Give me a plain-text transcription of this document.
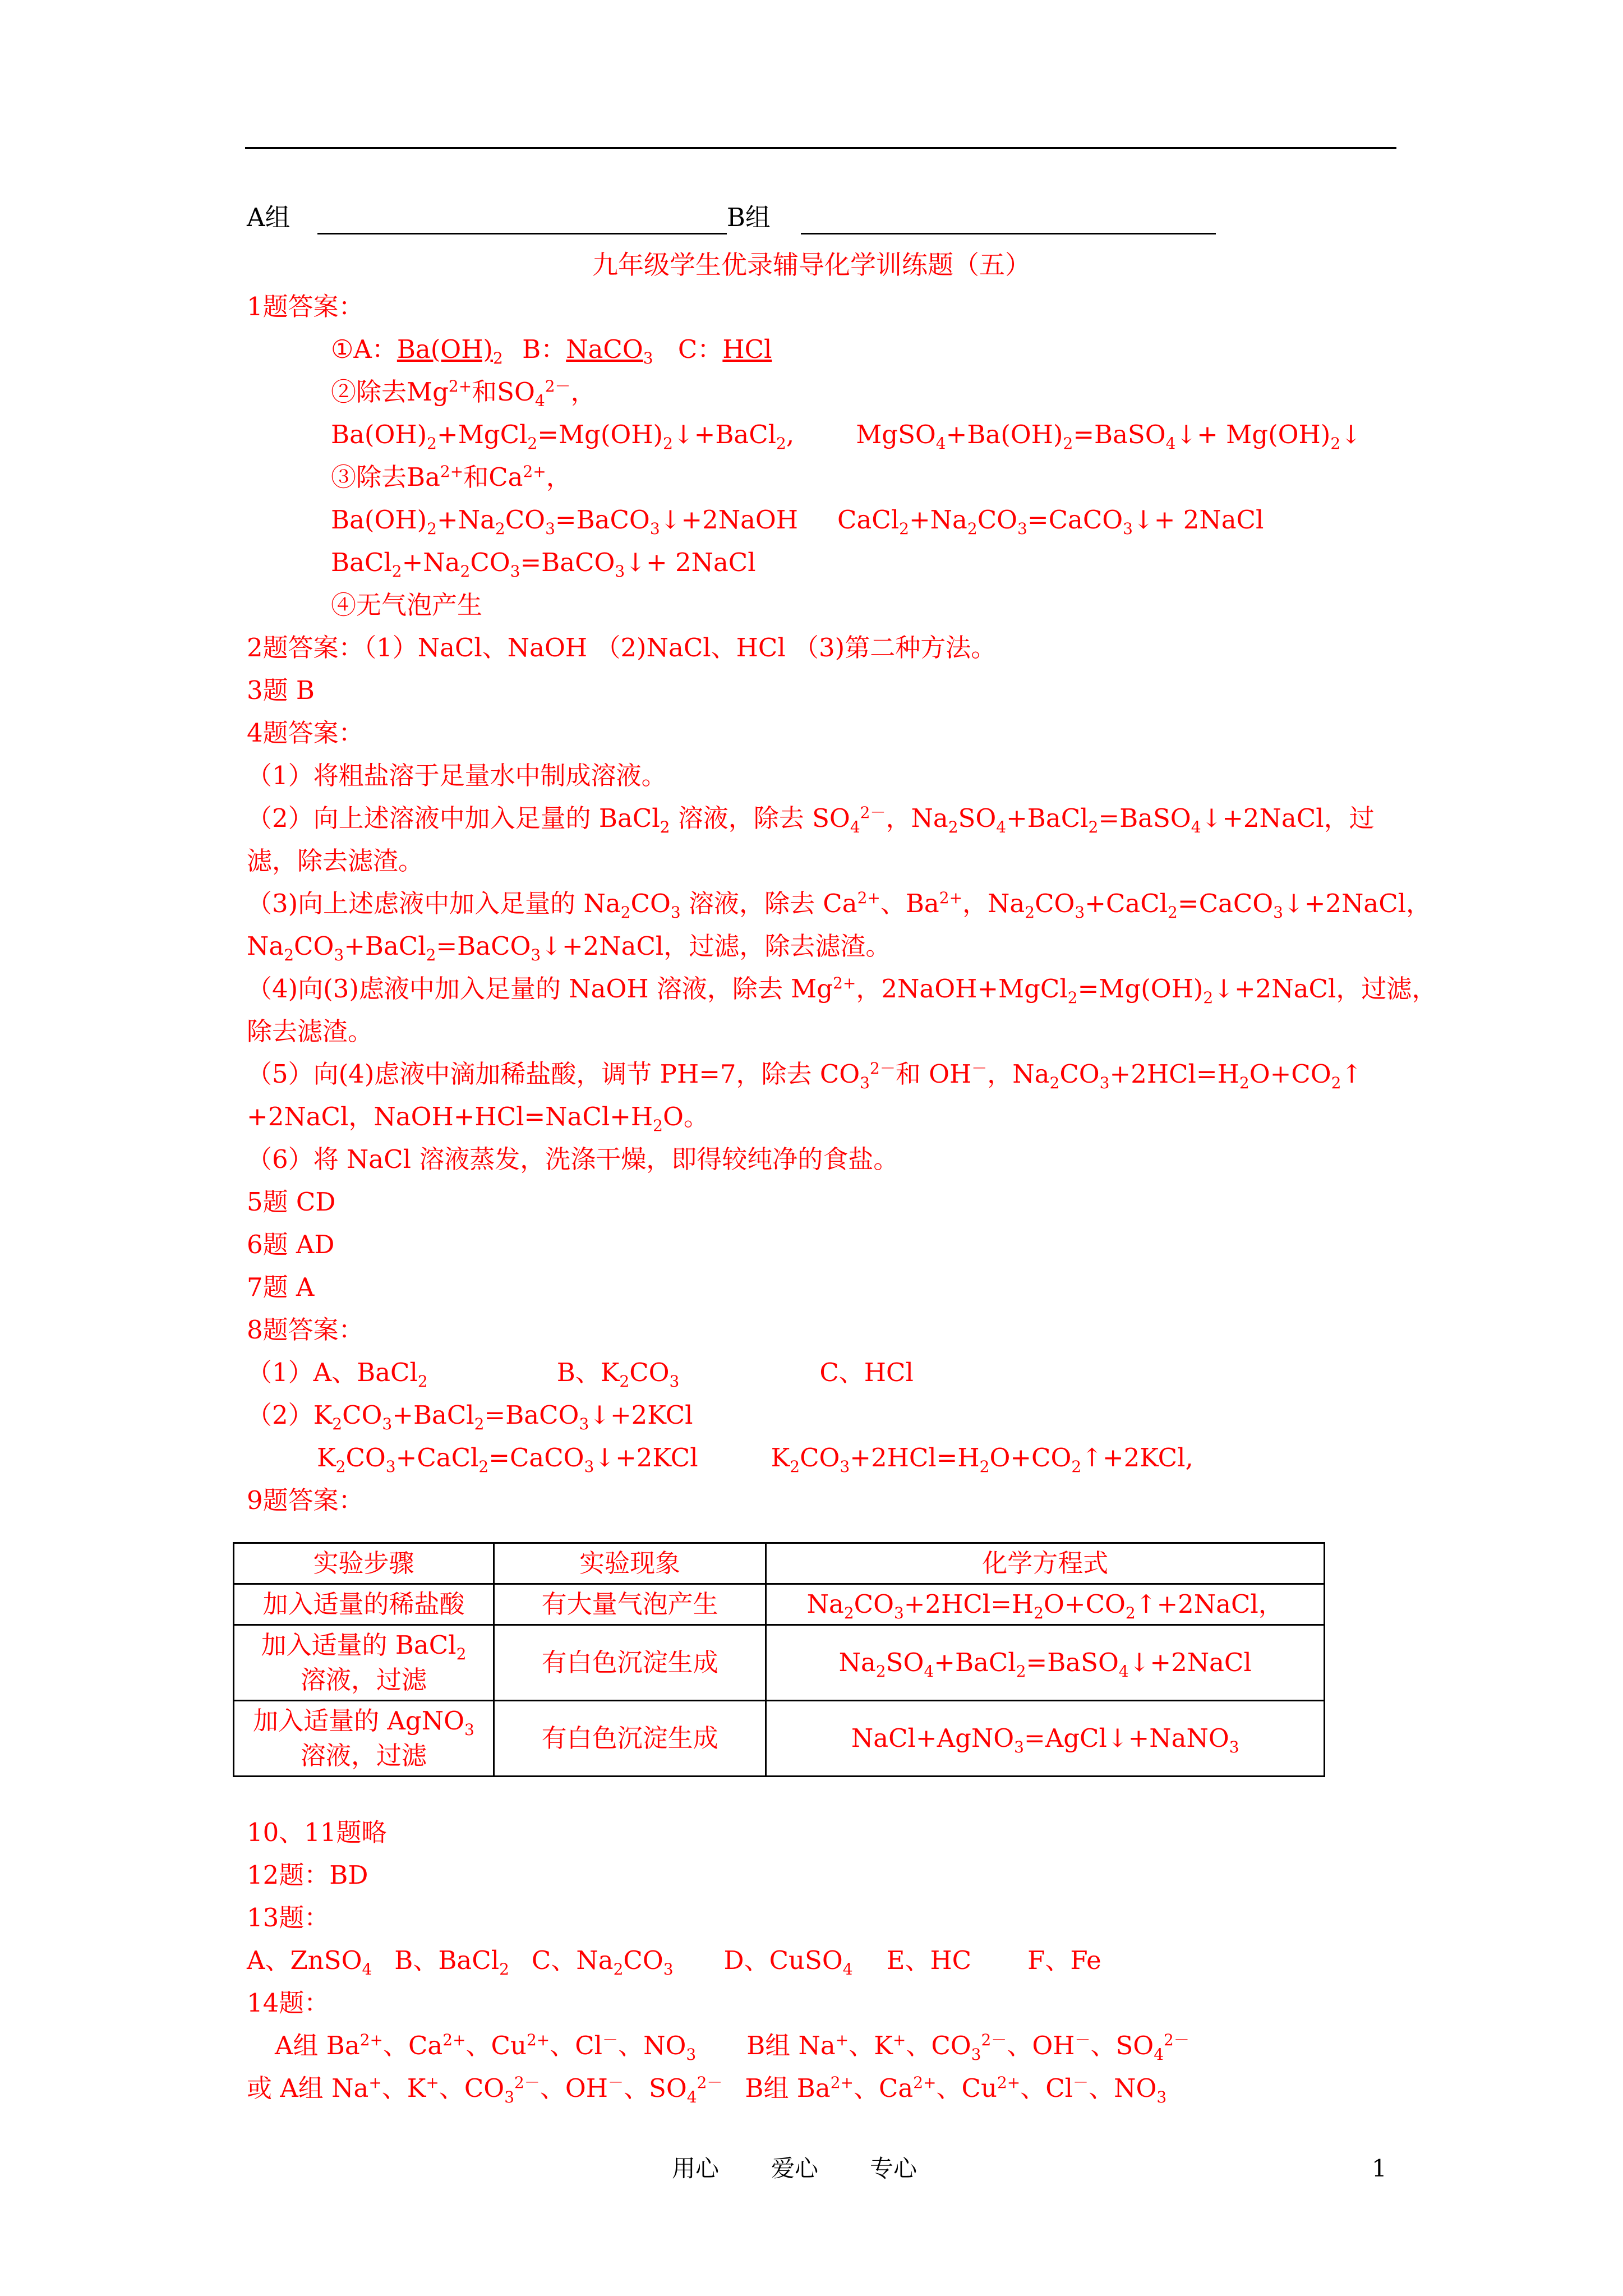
A组	B组
九年级学生优录辅导化学训练题（五）
1题答案：
①A：$Ba(OH)_2$ B：NaCO$_3$ C：HCl
②除去$Mg^{2+}$和$SO_4^{2-}$，
$Ba(OH)_2+MgCl_2=Mg(OH)_2↓+BaCl_2$, $MgSO_4+Ba(OH)_2=BaSO_4↓+$ $Mg(OH)_2↓$
③除去$Ba^{2+}$和$Ca^{2+}$，
$Ba(OH)_2+Na_2CO_3=BaCO_3↓+2NaOH$ $CaCl_2+Na_2CO_3=CaCO_3↓+$ 2NaCl
$BaCl_2+Na_2CO_3=BaCO_3↓+$ 2NaCl
④无气泡产生
2题答案：（1）NaCl、NaOH （2)NaCl、HCl （3)第二种方法。
3题 B
4题答案：
（1）将粗盐溶于足量水中制成溶液。
（2）向上述溶液中加入足量的 BaCl$_2$ 溶液，除去 $SO_4^{2-}$，$Na_2SO_4+BaCl_2=BaSO_4↓+2NaCl$，过
滤，除去滤渣。
（3)向上述虑液中加入足量的 $Na_2CO_3$ 溶液，除去 $Ca^{2+}$、$Ba^{2+}$，$Na_2CO_3+CaCl_2=CaCO_3↓+2NaCl$，
$Na_2CO_3+BaCl_2=BaCO_3↓+2NaCl$，过滤，除去滤渣。
（4)向(3)虑液中加入足量的 NaOH 溶液，除去 $Mg^{2+}$，$2NaOH+MgCl_2=Mg(OH)_2↓+2NaCl$，过滤，
除去滤渣。
（5）向(4)虑液中滴加稀盐酸，调节 PH=7，除去 $CO_3^{2-}$和 OH－，$Na_2CO_3+2HCl=H_2O+CO_2↑$
+2NaCl，$NaOH+HCl=NaCl+H_2O$。
（6）将 NaCl 溶液蒸发，洗涤干燥，即得较纯净的食盐。
5题 CD
6题 AD
7题 A
8题答案：
（1）A、BaCl$_2$	B、$K_2CO_3$	C、HCl
$(2)K_2CO_3+BaCl_2=BaCO_3↓+2KCl$
$K_2CO_3+CaCl_2=CaCO_3↓+2KCl$	$K_2CO_3+2HCl=H_2O+CO_2↑+2KCl$,
9题答案：
实验步骤	实验现象	化学方程式
加入适量的稀盐酸	有大量气泡产生	$Na_2CO_3+2HCl=H_2O+CO_2↑+2NaCl$，
加入适量的 BaCl$_2$
溶液，过滤	有白色沉淀生成	$Na_2SO_4+BaCl_2=BaSO_4↓+2NaCl$
加入适量的 AgNO$_3$
溶液，过滤	有白色沉淀生成	NaCl+AgNO$_3$=AgCl↓+NaNO$_3$
10、11题略
12题：BD
13题：
A、ZnSO$_4$ B、BaCl$_2$ C、$Na_2CO_3$ D、CuSO$_4$ E、HC F、Fe
14题：
A组 $Ba^{2+}$、$Ca^{2+}$、$Cu^{2+}$、Cl－、$NO_3$ B组 Na+、K+、$CO_3^{2-}$、OH－、$SO_4^{2-}$
或 A组 Na+、K+、$CO_3^{2-}$、OH－、$SO_4^{2-}$ B组 $Ba^{2+}$、$Ca^{2+}$、$Cu^{2+}$、Cl－、$NO_3$
用心 爱心 专心	1
